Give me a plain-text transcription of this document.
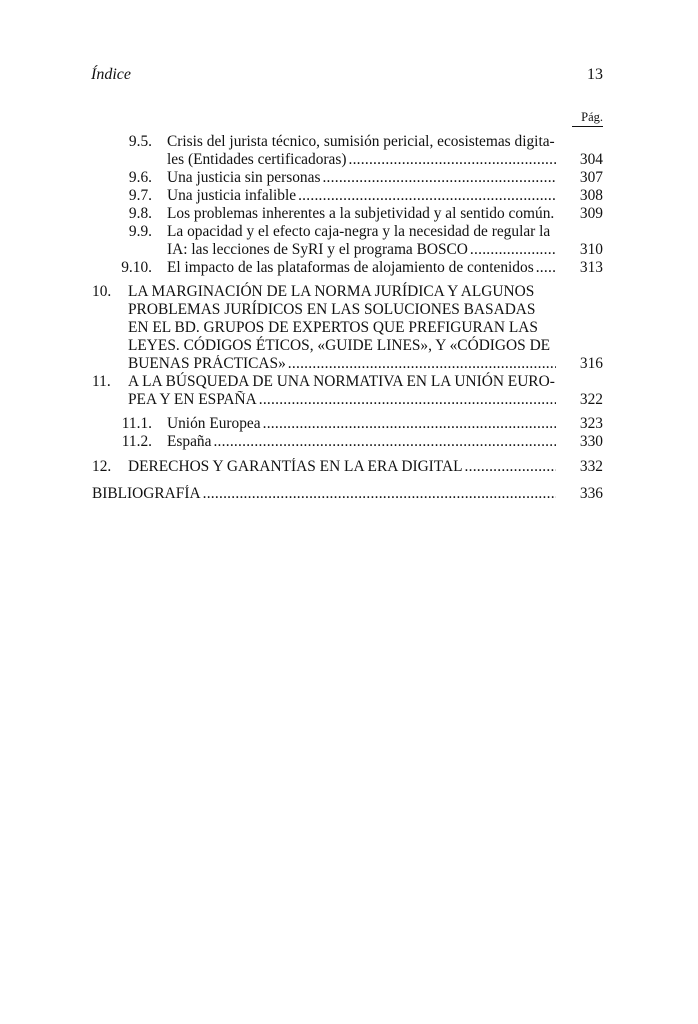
Índice	13
Pág.
9.5. Crisis del jurista técnico, sumisión pericial, ecosistemas digita-
les (Entidades certificadoras) . . .	304
9.6. Una justicia sin personas . . .	307
9.7. Una justicia infalible . . .	308
9.8. Los problemas inherentes a la subjetividad y al sentido común.	309
9.9. La opacidad y el efecto caja-negra y la necesidad de regular la
IA: las lecciones de SyRI y el programa BOSCO . . .	310
9.10. El impacto de las plataformas de alojamiento de contenidos . . .	313
10. LA MARGINACIÓN DE LA NORMA JURÍDICA Y ALGUNOS
PROBLEMAS JURÍDICOS EN LAS SOLUCIONES BASADAS
EN EL BD. GRUPOS DE EXPERTOS QUE PREFIGURAN LAS
LEYES. CÓDIGOS ÉTICOS, «GUIDE LINES», Y «CÓDIGOS DE
BUENAS PRÁCTICAS» . . .	316
11. A LA BÚSQUEDA DE UNA NORMATIVA EN LA UNIÓN EURO-
PEA Y EN ESPAÑA . . .	322
11.1. Unión Europea . . .	323
11.2. España . . .	330
12. DERECHOS Y GARANTÍAS EN LA ERA DIGITAL . . .	332
BIBLIOGRAFÍA . . .	336
